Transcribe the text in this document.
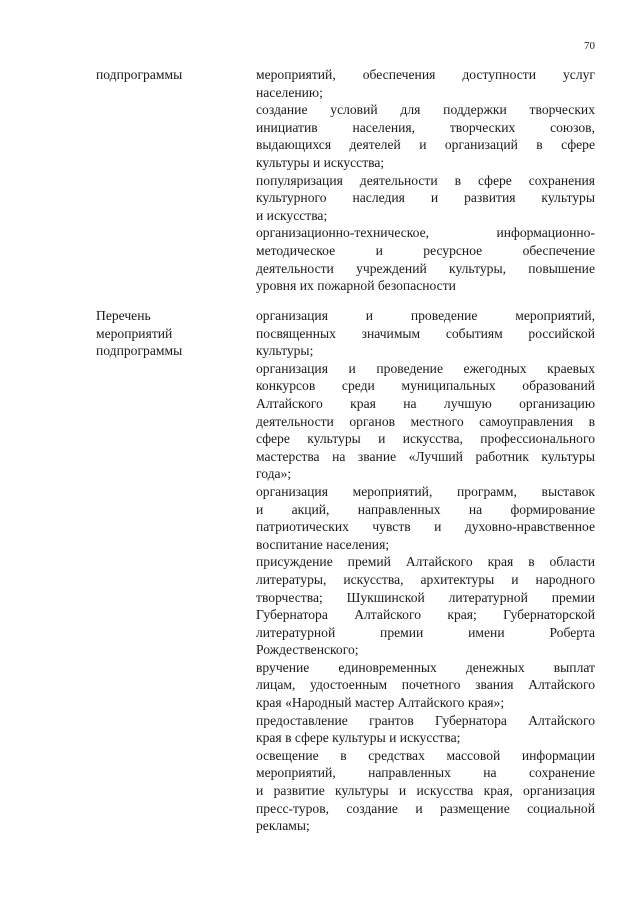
70
подпрограммы	мероприятий, обеспечения доступности услуг
населению;
создание условий для поддержки творческих
инициатив населения, творческих союзов,
выдающихся деятелей и организаций в сфере
культуры и искусства;
популяризация деятельности в сфере сохранения
культурного наследия и развития культуры
и искусства;
организационно-техническое, информационно-
методическое и ресурсное обеспечение
деятельности учреждений культуры, повышение
уровня их пожарной безопасности
Перечень
мероприятий
подпрограммы
организация и проведение мероприятий,
посвященных значимым событиям российской
культуры;
организация и проведение ежегодных краевых
конкурсов среди муниципальных образований
Алтайского края на лучшую организацию
деятельности органов местного самоуправления в
сфере культуры и искусства, профессионального
мастерства на звание «Лучший работник культуры
года»;
организация мероприятий, программ, выставок
и акций, направленных на формирование
патриотических чувств и духовно-нравственное
воспитание населения;
присуждение премий Алтайского края в области
литературы, искусства, архитектуры и народного
творчества; Шукшинской литературной премии
Губернатора Алтайского края; Губернаторской
литературной премии имени Роберта
Рождественского;
вручение единовременных денежных выплат
лицам, удостоенным почетного звания Алтайского
края «Народный мастер Алтайского края»;
предоставление грантов Губернатора Алтайского
края в сфере культуры и искусства;
освещение в средствах массовой информации
мероприятий, направленных на сохранение
и развитие культуры и искусства края, организация
пресс-туров, создание и размещение социальной
рекламы;
